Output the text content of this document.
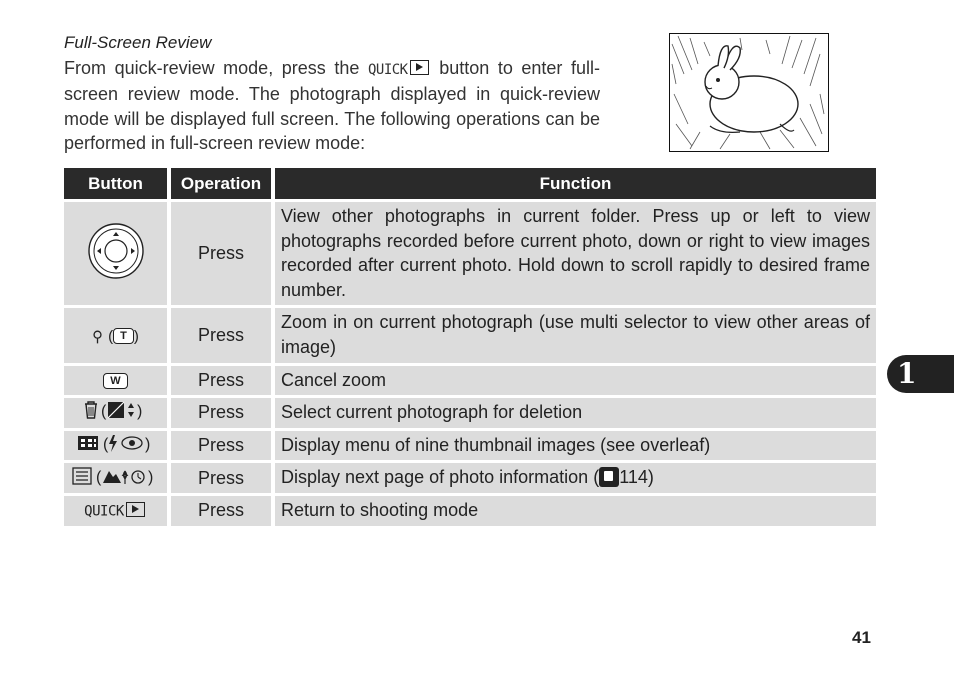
Full-Screen Review
From quick-review mode, press the QUICK button to enter full-screen review mode. The photograph displayed in quick-review mode will be displayed full screen. The following operations can be performed in full-screen review mode:
Button	Operation	Function
	Press	View other photographs in current folder. Press up or left to view photographs recorded before current photo, down or right to view images recorded after current photo. Hold down to scroll rapidly to desired frame number.
⚲ ( T )	Press	Zoom in on current photograph (use multi selector to view other areas of image)
W	Press	Cancel zoom

( )	Press	Select current photograph for deletion

( )	Press	Display menu of nine thumbnail images (see overleaf)

( )	Press	Display next page of photo information ( 114)
QUICK	Press	Return to shooting mode
1
41
